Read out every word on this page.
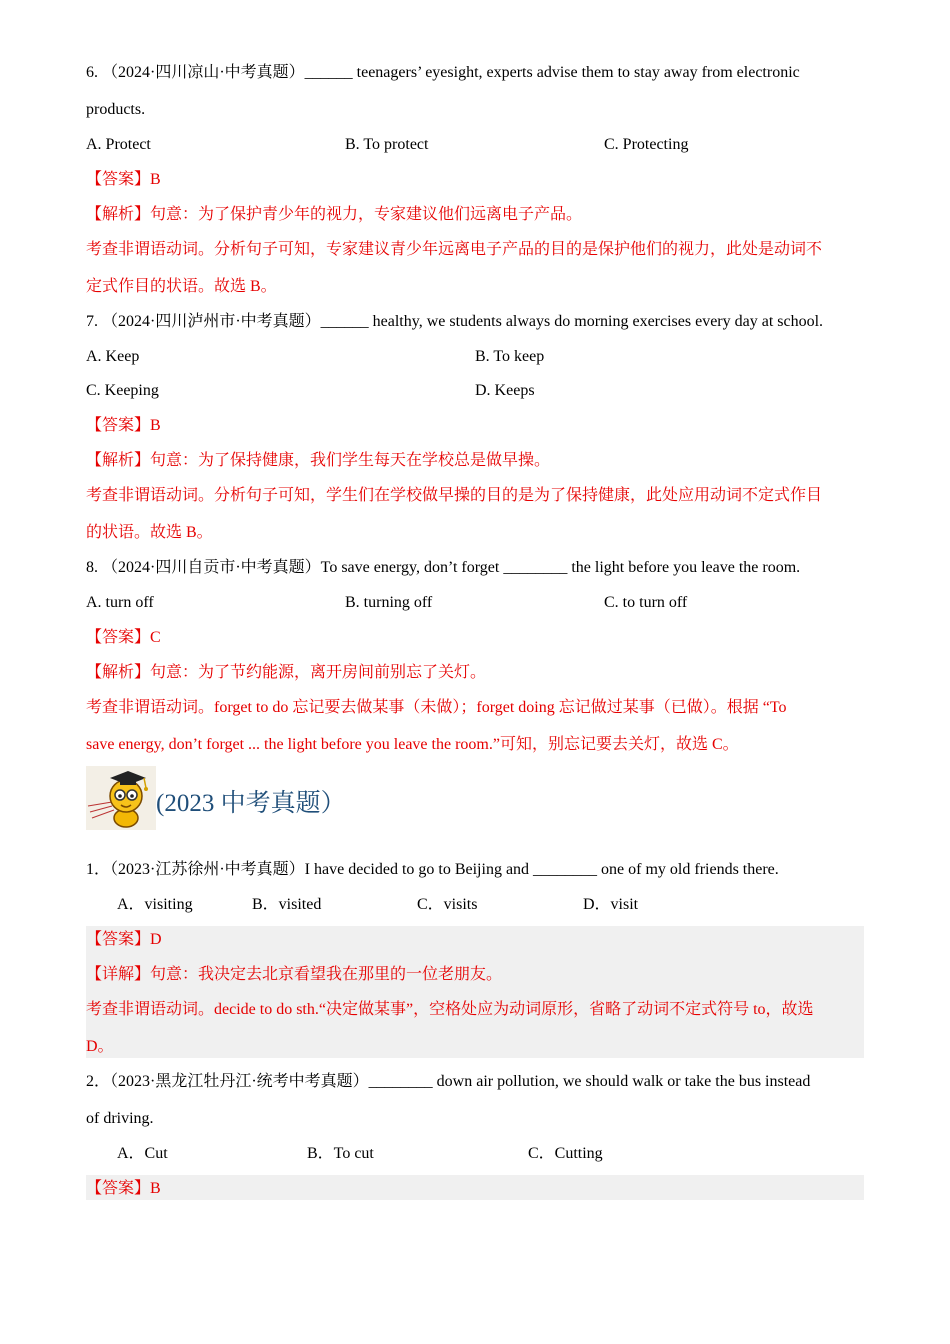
6. （2024·四川凉山·中考真题）______ teenagers’ eyesight, experts advise them to stay away from electronic
products.
A. Protect	B. To protect	C. Protecting
【答案】B
【解析】句意：为了保护青少年的视力，专家建议他们远离电子产品。
考查非谓语动词。分析句子可知，专家建议青少年远离电子产品的目的是保护他们的视力，此处是动词不
定式作目的状语。故选 B。
7. （2024·四川泸州市·中考真题）______ healthy, we students always do morning exercises every day at school.
A. Keep	B. To keep
C. Keeping	D. Keeps
【答案】B
【解析】句意：为了保持健康，我们学生每天在学校总是做早操。
考查非谓语动词。分析句子可知，学生们在学校做早操的目的是为了保持健康，此处应用动词不定式作目
的状语。故选 B。
8. （2024·四川自贡市·中考真题）To save energy, don’t forget ________ the light before you leave the room.
A. turn off	B. turning off	C. to turn off
【答案】C
【解析】句意：为了节约能源，离开房间前别忘了关灯。
考查非谓语动词。forget to do 忘记要去做某事（未做）；forget doing 忘记做过某事（已做）。根据 “To
save energy, don’t forget ... the light before you leave the room.”可知，别忘记要去关灯，故选 C。
(2023 中考真题）
1．（2023·江苏徐州·中考真题）I have decided to go to Beijing and ________ one of my old friends there.
A．visiting	B．visited	C．visits	D．visit
【答案】D
【详解】句意：我决定去北京看望我在那里的一位老朋友。
考查非谓语动词。decide to do sth.“决定做某事”，空格处应为动词原形，省略了动词不定式符号 to，故选
D。
2．（2023·黑龙江牡丹江·统考中考真题）________ down air pollution, we should walk or take the bus instead
of driving.
A．Cut	B．To cut	C．Cutting
【答案】B
